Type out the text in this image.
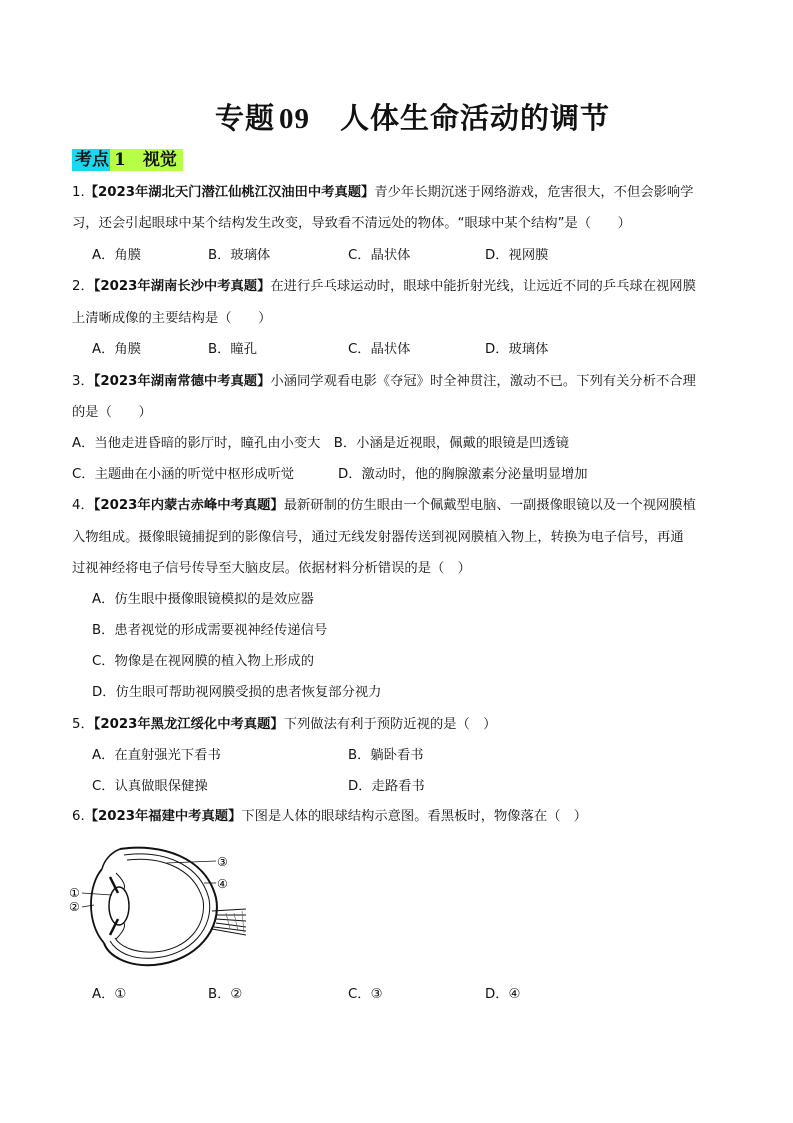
专题 09 人体生命活动的调节
考点 1　视觉
1.【2023年湖北天门潜江仙桃江汉油田中考真题】青少年长期沉迷于网络游戏，危害很大，不但会影响学
习，还会引起眼球中某个结构发生改变，导致看不清远处的物体。“眼球中某个结构”是（　　）
A．角膜	B．玻璃体	C．晶状体	D．视网膜
2．【2023年湖南长沙中考真题】在进行乒乓球运动时，眼球中能折射光线，让远近不同的乒乓球在视网膜
上清晰成像的主要结构是（　　）
A．角膜	B．瞳孔	C．晶状体	D．玻璃体
3．【2023年湖南常德中考真题】小涵同学观看电影《夺冠》时全神贯注，激动不已。下列有关分析不合理
的是（　　）
A．当他走进昏暗的影厅时，瞳孔由小变大　B．小涵是近视眼，佩戴的眼镜是凹透镜
C．主题曲在小涵的听觉中枢形成听觉	D．激动时，他的胸腺激素分泌量明显增加
4．【2023年内蒙古赤峰中考真题】最新研制的仿生眼由一个佩戴型电脑、一副摄像眼镜以及一个视网膜植
入物组成。摄像眼镜捕捉到的影像信号，通过无线发射器传送到视网膜植入物上，转换为电子信号，再通
过视神经将电子信号传导至大脑皮层。依据材料分析错误的是（　）
A．仿生眼中摄像眼镜模拟的是效应器
B．患者视觉的形成需要视神经传递信号
C．物像是在视网膜的植入物上形成的
D．仿生眼可帮助视网膜受损的患者恢复部分视力
5．【2023年黑龙江绥化中考真题】下列做法有利于预防近视的是（　）
A．在直射强光下看书	B．躺卧看书
C．认真做眼保健操	D．走路看书
6.【2023年福建中考真题】下图是人体的眼球结构示意图。看黑板时，物像落在（　）
③
④
①
②
A．①	B．②	C．③	D．④
